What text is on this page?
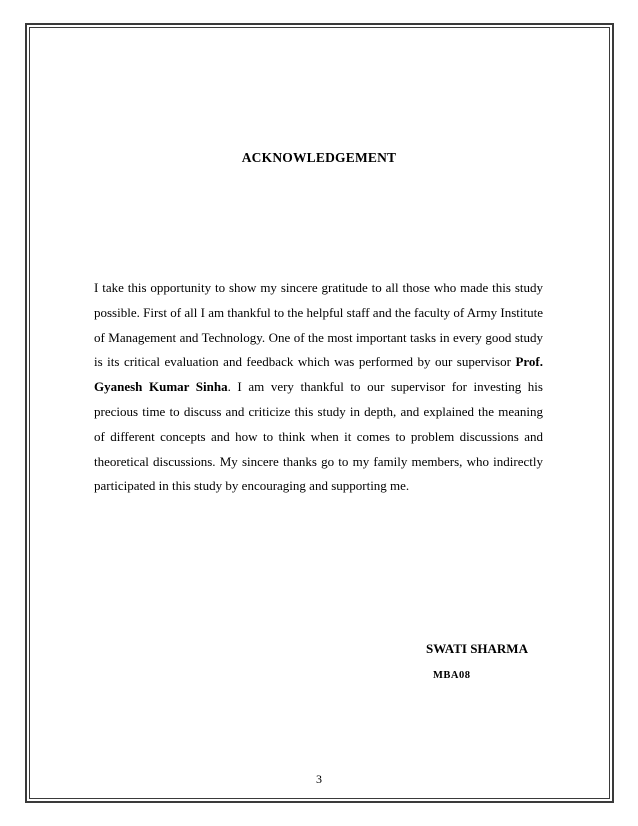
ACKNOWLEDGEMENT
I take this opportunity to show my sincere gratitude to all those who made this study possible. First of all I am thankful to the helpful staff and the faculty of Army Institute of Management and Technology. One of the most important tasks in every good study is its critical evaluation and feedback which was performed by our supervisor Prof. Gyanesh Kumar Sinha. I am very thankful to our supervisor for investing his precious time to discuss and criticize this study in depth, and explained the meaning of different concepts and how to think when it comes to problem discussions and theoretical discussions. My sincere thanks go to my family members, who indirectly participated in this study by encouraging and supporting me.
SWATI SHARMA
MBA08
3
